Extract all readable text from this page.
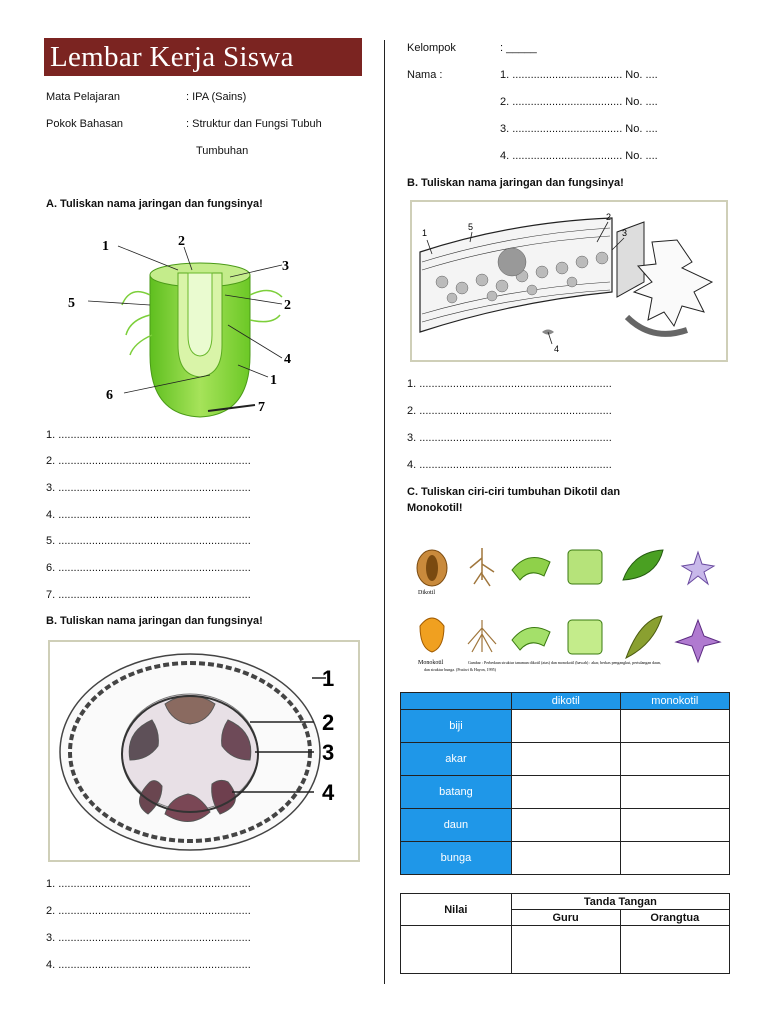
Lembar Kerja Siswa
Mata Pelajaran	: IPA (Sains)
Pokok Bahasan	: Struktur dan Fungsi Tubuh
Tumbuhan
Kelompok	: _____
Nama :	1. .................................... No. ....
2. .................................... No. ....
3. .................................... No. ....
4. .................................... No. ....
A. Tuliskan nama jaringan dan fungsinya!
1	2
3
5	2
4
6
1
7
1. ...............................................................
2. ...............................................................
3. ...............................................................
4. ...............................................................
5. ...............................................................
6. ...............................................................
7. ...............................................................
B. Tuliskan nama jaringan dan fungsinya!
1
2
3
4
1. ...............................................................
2. ...............................................................
3. ...............................................................
4. ...............................................................
B. Tuliskan nama jaringan dan fungsinya!
1
5
2
3
4
1. ...............................................................
2. ...............................................................
3. ...............................................................
4. ...............................................................
C. Tuliskan ciri-ciri tumbuhan Dikotil dan
Monokotil!
Dikotil
Monokotil	Gambar : Perbedaan struktur tanaman dikotil (atas) dan monokotil (bawah) : akar, berkas pengangkut, pertulangan daun,
dan struktur bunga. (Pratiwi & Hayon, 1995)
	dikotil	monokotil
biji		
akar		
batang		
daun		
bunga		
Nilai	Tanda Tangan	
	Guru	Orangtua
